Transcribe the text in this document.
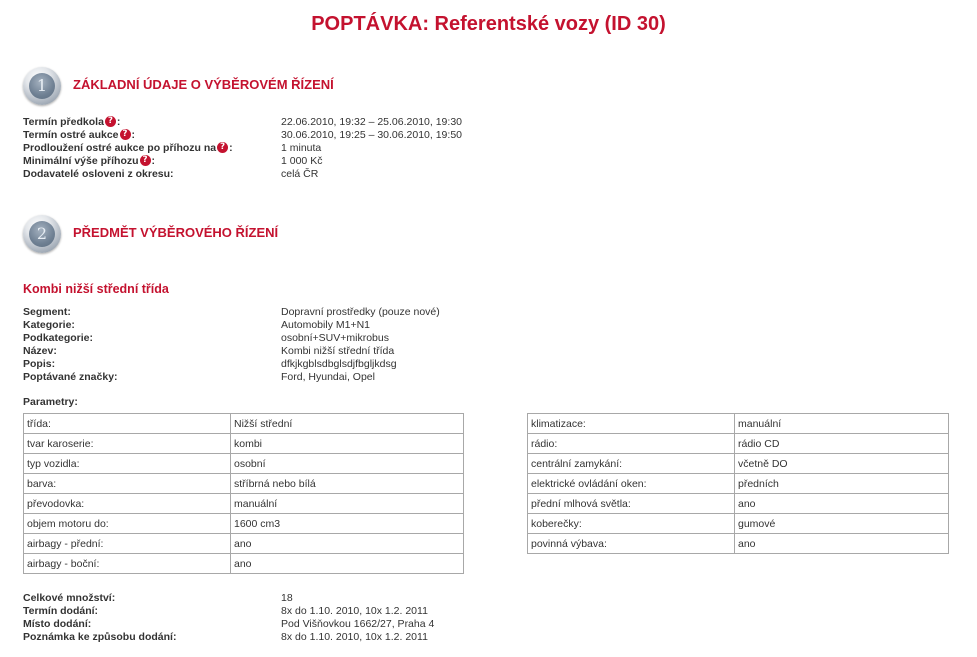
POPTÁVKA: Referentské vozy (ID 30)
1	ZÁKLADNÍ ÚDAJE O VÝBĚROVÉM ŘÍZENÍ
Termín předkola ? :	22.06.2010, 19:32 – 25.06.2010, 19:30
Termín ostré aukce ? :	30.06.2010, 19:25 – 30.06.2010, 19:50
Prodloužení ostré aukce po příhozu na ? :	1 minuta
Minimální výše příhozu ? :	1 000 Kč
Dodavatelé osloveni z okresu:	celá ČR
2	PŘEDMĚT VÝBĚROVÉHO ŘÍZENÍ
Kombi nižší střední třída
Segment:	Dopravní prostředky (pouze nové)
Kategorie:	Automobily M1+N1
Podkategorie:	osobní+SUV+mikrobus
Název:	Kombi nižší střední třída
Popis:	dfkjkgblsdbglsdjfbgljkdsg
Poptávané značky:	Ford, Hyundai, Opel
Parametry:
třída:	Nižší střední
tvar karoserie:	kombi
typ vozidla:	osobní
barva:	stříbrná nebo bílá
převodovka:	manuální
objem motoru do:	1600 cm3
airbagy - přední:	ano
airbagy - boční:	ano
klimatizace:	manuální
rádio:	rádio CD
centrální zamykání:	včetně DO
elektrické ovládání oken:	předních
přední mlhová světla:	ano
koberečky:	gumové
povinná výbava:	ano
Celkové množství:	18
Termín dodání:	8x do 1.10. 2010, 10x 1.2. 2011
Místo dodání:	Pod Višňovkou 1662/27, Praha 4
Poznámka ke způsobu dodání:	8x do 1.10. 2010, 10x 1.2. 2011
